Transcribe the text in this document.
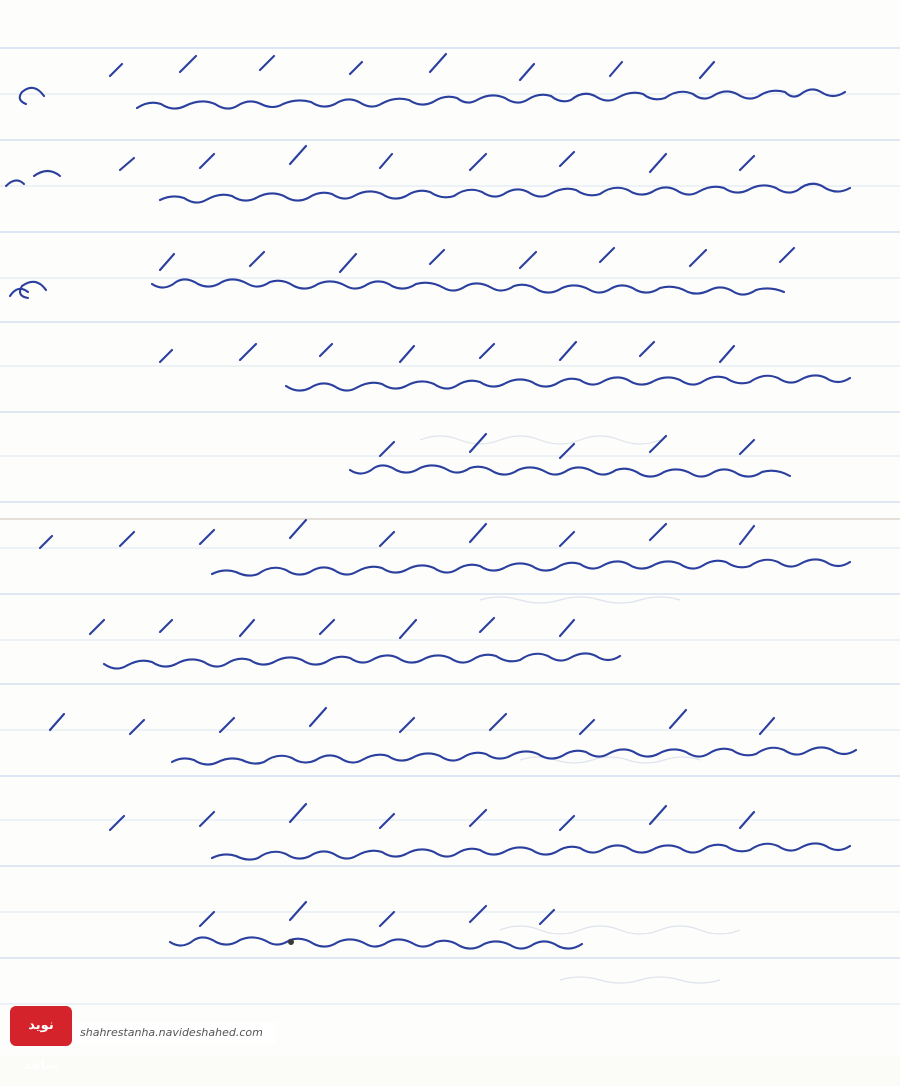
نوید شاهد
shahrestanha.navideshahed.com
